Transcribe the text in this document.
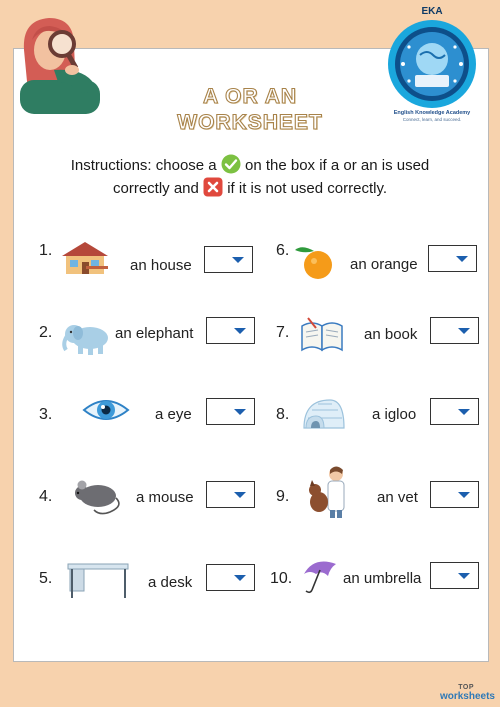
EKA
English Knowledge Academy
Connect, learn, and succeed.
A OR AN
WORKSHEET
Instructions: choose a on the box if a or an is used
correctly and if it is not used correctly.
1.
an house
2.	an elephant
3.	a eye
4.	a mouse
5.	a desk
6.
an orange
7.	an book
8.	a igloo
9.	an vet
10.	an umbrella
TOP
worksheets
